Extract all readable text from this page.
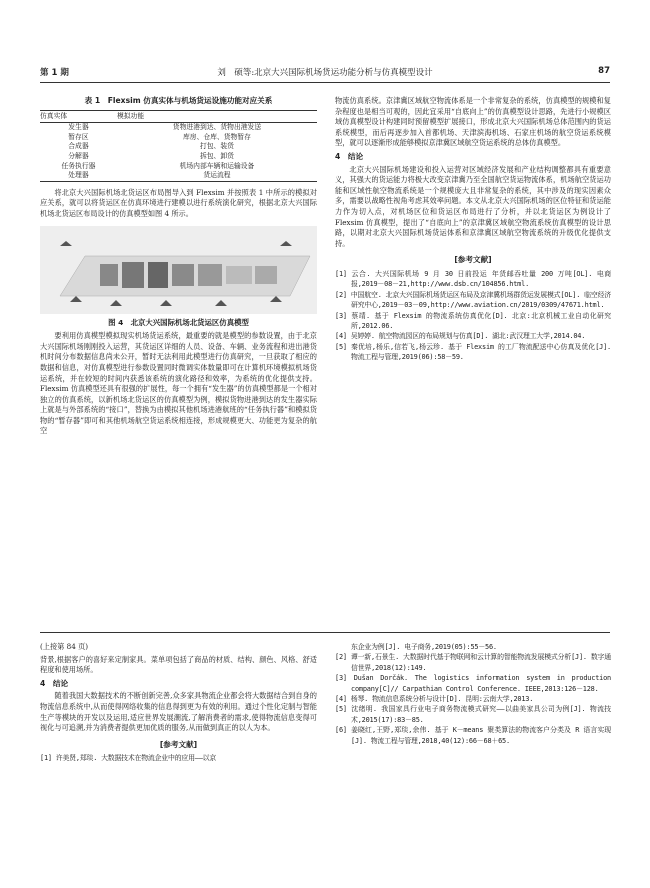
第 1 期	刘　硕等:北京大兴国际机场货运功能分析与仿真模型设计	87
表 1　Flexsim 仿真实体与机场货运设施功能对应关系
仿真实体	模拟功能
发生器	货物进港到达、货物出港发送
暂存区	库房、仓库、货物暂存
合成器	打包、装货
分解器	拆包、卸货
任务执行器	机场内部车辆和运输设备
处理器	货运流程

将北京大兴国际机场北货运区布局图导入到 Flexsim 并按照表 1 中所示的模拟对应关系，就可以将货运区在仿真环境进行建模以进行系统演化研究，根据北京大兴国际机场北货运区布局设计的仿真模型如图 4 所示。

图 4　北京大兴国际机场北货运区仿真模型

要利用仿真模型模拟现实机场货运系统，最重要的就是模型的参数设置，由于北京大兴国际机场刚刚投入运营，其货运区详细的人员、设备、车辆、业务流程和进出港货机时间分布数据信息尚未公开，暂时无法利用此模型进行仿真研究，一旦获取了相应的数据和信息，对仿真模型进行参数设置同时微调实体数量即可在计算机环境模拟机场货运系统，并在较短的时间内获悉该系统的演化路径和效率，为系统的优化提供支持。Flexsim 仿真模型还具有很强的扩展性，每一个拥有“发生器”的仿真模型都是一个相对独立的仿真系统，以新机场北货运区的仿真模型为例，模拟货物进港到达的发生器实际上就是与外部系统的“接口”，替换为由模拟其他机场进港航班的“任务执行器”和模拟货物的“暂存器”即可和其他机场航空货运系统相连接，形成规模更大、功能更为复杂的航空

物流仿真系统。京津冀区域航空物流体系是一个非常复杂的系统，仿真模型的规模和复杂程度也是相当可观的，因此宜采用“自底向上”的仿真模型设计思路，先进行小规模区域仿真模型设计构建同时预留模型扩展接口，形成北京大兴国际机场总体范围内的货运系统模型，而后再逐步加入首都机场、天津滨海机场、石家庄机场的航空货运系统模型，就可以逐渐形成能够模拟京津冀区域航空货运系统的总体仿真模型。

4　结论

北京大兴国际机场建设和投入运营对区域经济发展和产业结构调整都具有重要意义，其强大的货运能力将极大改变京津冀乃至全国航空货运物流体系，机场航空货运功能和区域性航空物流系统是一个规模庞大且非常复杂的系统，其中涉及的现实因素众多，需要以战略性视角考虑其效率问题。本文从北京大兴国际机场的区位特征和货运能力作为切入点，对机场区位和货运区布局进行了分析，并以北货运区为例设计了 Flexsim 仿真模型，提出了“自底向上”的京津冀区域航空物流系统仿真模型的设计思路，以期对北京大兴国际机场货运体系和京津冀区域航空物流系统的升级优化提供支持。

[参考文献]
[1] 云合. 大兴国际机场 9 月 30 日前投运 年货邮吞吐量 200 万吨[OL]. 电商报,2019－08－21,http://www.dsb.cn/104856.html.
[2] 中国航空. 北京大兴国际机场货运区布局及京津冀机场群货运发展模式[OL]. 临空经济研究中心,2019－03－09,http://www.aviation.cn/2019/0309/47671.html.
[3] 蔡靖. 基于 Flexsim 的物流系统仿真优化[D]. 北京:北京机械工业自动化研究所,2012.06.
[4] 吴婷婷. 航空物流园区的布局规划与仿真[D]. 湖北:武汉理工大学,2014.04.
[5] 秦优培,杨乐,信若飞,杨云珍. 基于 Flexsim 的工厂物流配送中心仿真及优化[J]. 物流工程与管理,2019(06):58－59.
(上接第 84 页)

背景,根据客户的喜好来定制家具。菜单项包括了商品的材质、结构、颜色、风格、舒适程度和使用场所。

4　结论

随着我国大数据技术的不断创新完善,众多家具物流企业都会将大数据结合到自身的物流信息系统中,从而使得网络收集的信息得到更为有效的利用。通过个性化定制与智能生产等模块的开发以及运用,适应世界发展潮流,了解消费者的需求,使得物流信息变得可视化与可追溯,并为消费者提供更加优质的服务,从而做到真正的以人为本。

[参考文献]
[1] 许美贤,郑琰. 大数据技术在物流企业中的应用——以京
东企业为例[J]. 电子商务,2019(05):55－56.
[2] 谭一新,石景生. 大数据时代基于物联网和云计算的智能物流发展模式分析[J]. 数字通信世界,2018(12):149.
[3] Dušan Dorčák. The logistics information system in production company[C]// Carpathian Control Conference. IEEE,2013:126－128.
[4] 杨琴. 物流信息系统分析与设计[D]. 昆明:云南大学,2013.
[5] 沈绪明. 我国家具行业电子商务物流模式研究——以曲美家具公司为例[J]. 物流技术,2015(17):83－85.
[6] 姜晓红,王野,郑琰,余伟. 基于 K－means 聚类算法的物流客户分类及 R 语言实现[J]. 物流工程与管理,2018,40(12):66－68＋65.
